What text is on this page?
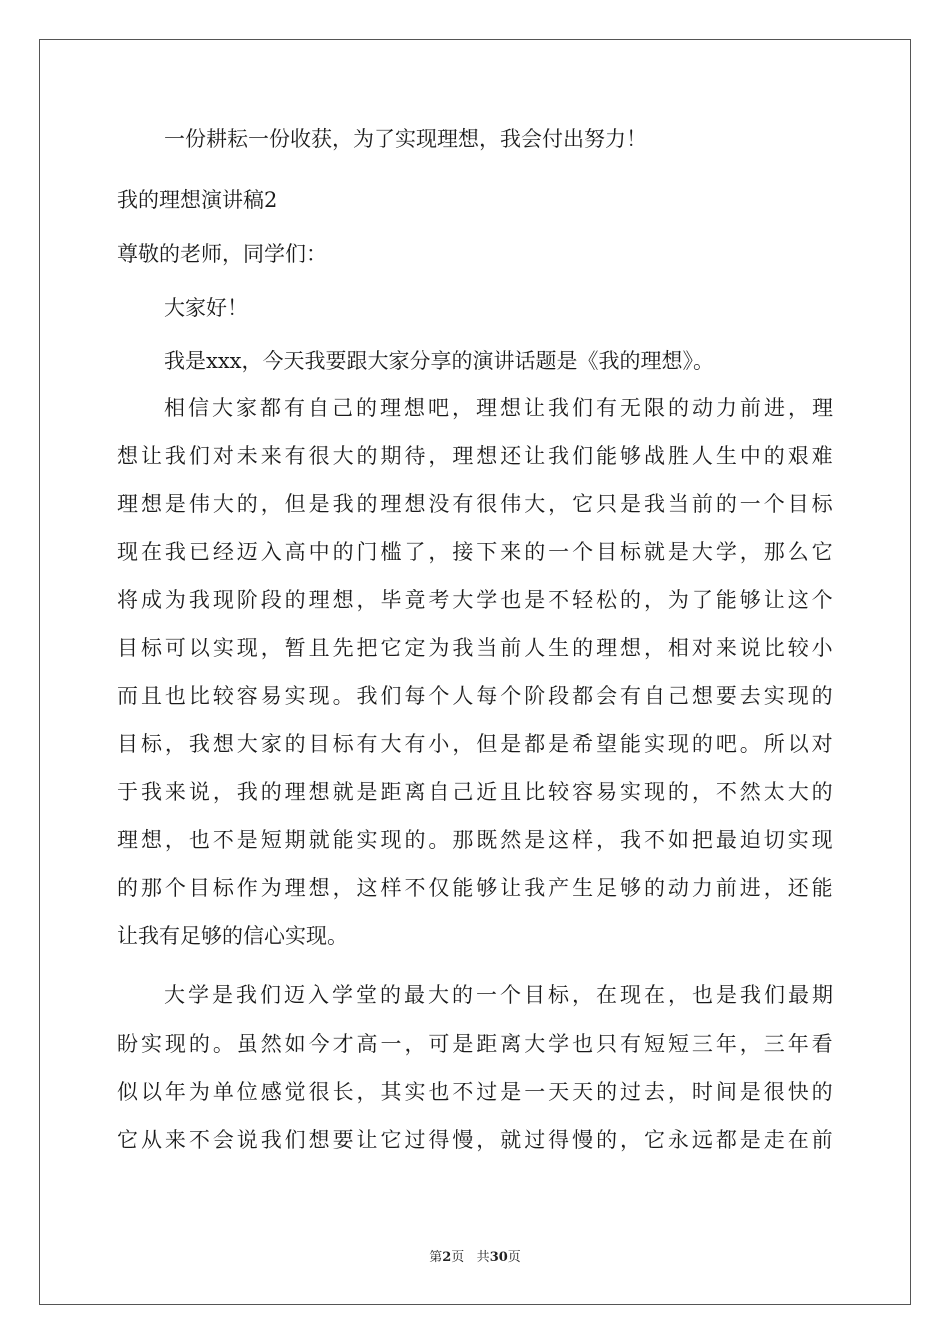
一份耕耘一份收获，为了实现理想，我会付出努力！

我的理想演讲稿2

尊敬的老师，同学们：

大家好！

我是xxx，今天我要跟大家分享的演讲话题是《我的理想》。

相 信 大 家 都 有 自 己 的 理 想 吧 ， 理 想 让 我 们 有 无 限 的 动 力 前 进 ， 理

想 让 我 们 对 未 来 有 很 大 的 期 待 ， 理 想 还 让 我 们 能 够 战 胜 人 生 中 的 艰 难

理 想 是 伟 大 的 ， 但 是 我 的 理 想 没 有 很 伟 大 ， 它 只 是 我 当 前 的 一 个 目 标

现 在 我 已 经 迈 入 高 中 的 门 槛 了 ， 接 下 来 的 一 个 目 标 就 是 大 学 ， 那 么 它

将 成 为 我 现 阶 段 的 理 想 ， 毕 竟 考 大 学 也 是 不 轻 松 的 ， 为 了 能 够 让 这 个

目 标 可 以 实 现 ， 暂 且 先 把 它 定 为 我 当 前 人 生 的 理 想 ， 相 对 来 说 比 较 小

而 且 也 比 较 容 易 实 现 。 我 们 每 个 人 每 个 阶 段 都 会 有 自 己 想 要 去 实 现 的

目 标 ， 我 想 大 家 的 目 标 有 大 有 小 ， 但 是 都 是 希 望 能 实 现 的 吧 。 所 以 对

于 我 来 说 ， 我 的 理 想 就 是 距 离 自 己 近 且 比 较 容 易 实 现 的 ， 不 然 太 大 的

理 想 ， 也 不 是 短 期 就 能 实 现 的 。 那 既 然 是 这 样 ， 我 不 如 把 最 迫 切 实 现

的 那 个 目 标 作 为 理 想 ， 这 样 不 仅 能 够 让 我 产 生 足 够 的 动 力 前 进 ， 还 能

让我有足够的信心实现。

大 学 是 我 们 迈 入 学 堂 的 最 大 的 一 个 目 标 ， 在 现 在 ， 也 是 我 们 最 期

盼 实 现 的 。 虽 然 如 今 才 高 一 ， 可 是 距 离 大 学 也 只 有 短 短 三 年 ， 三 年 看

似 以 年 为 单 位 感 觉 很 长 ， 其 实 也 不 过 是 一 天 天 的 过 去 ， 时 间 是 很 快 的

它 从 来 不 会 说 我 们 想 要 让 它 过 得 慢 ， 就 过 得 慢 的 ， 它 永 远 都 是 走 在 前

第2页 共30页
